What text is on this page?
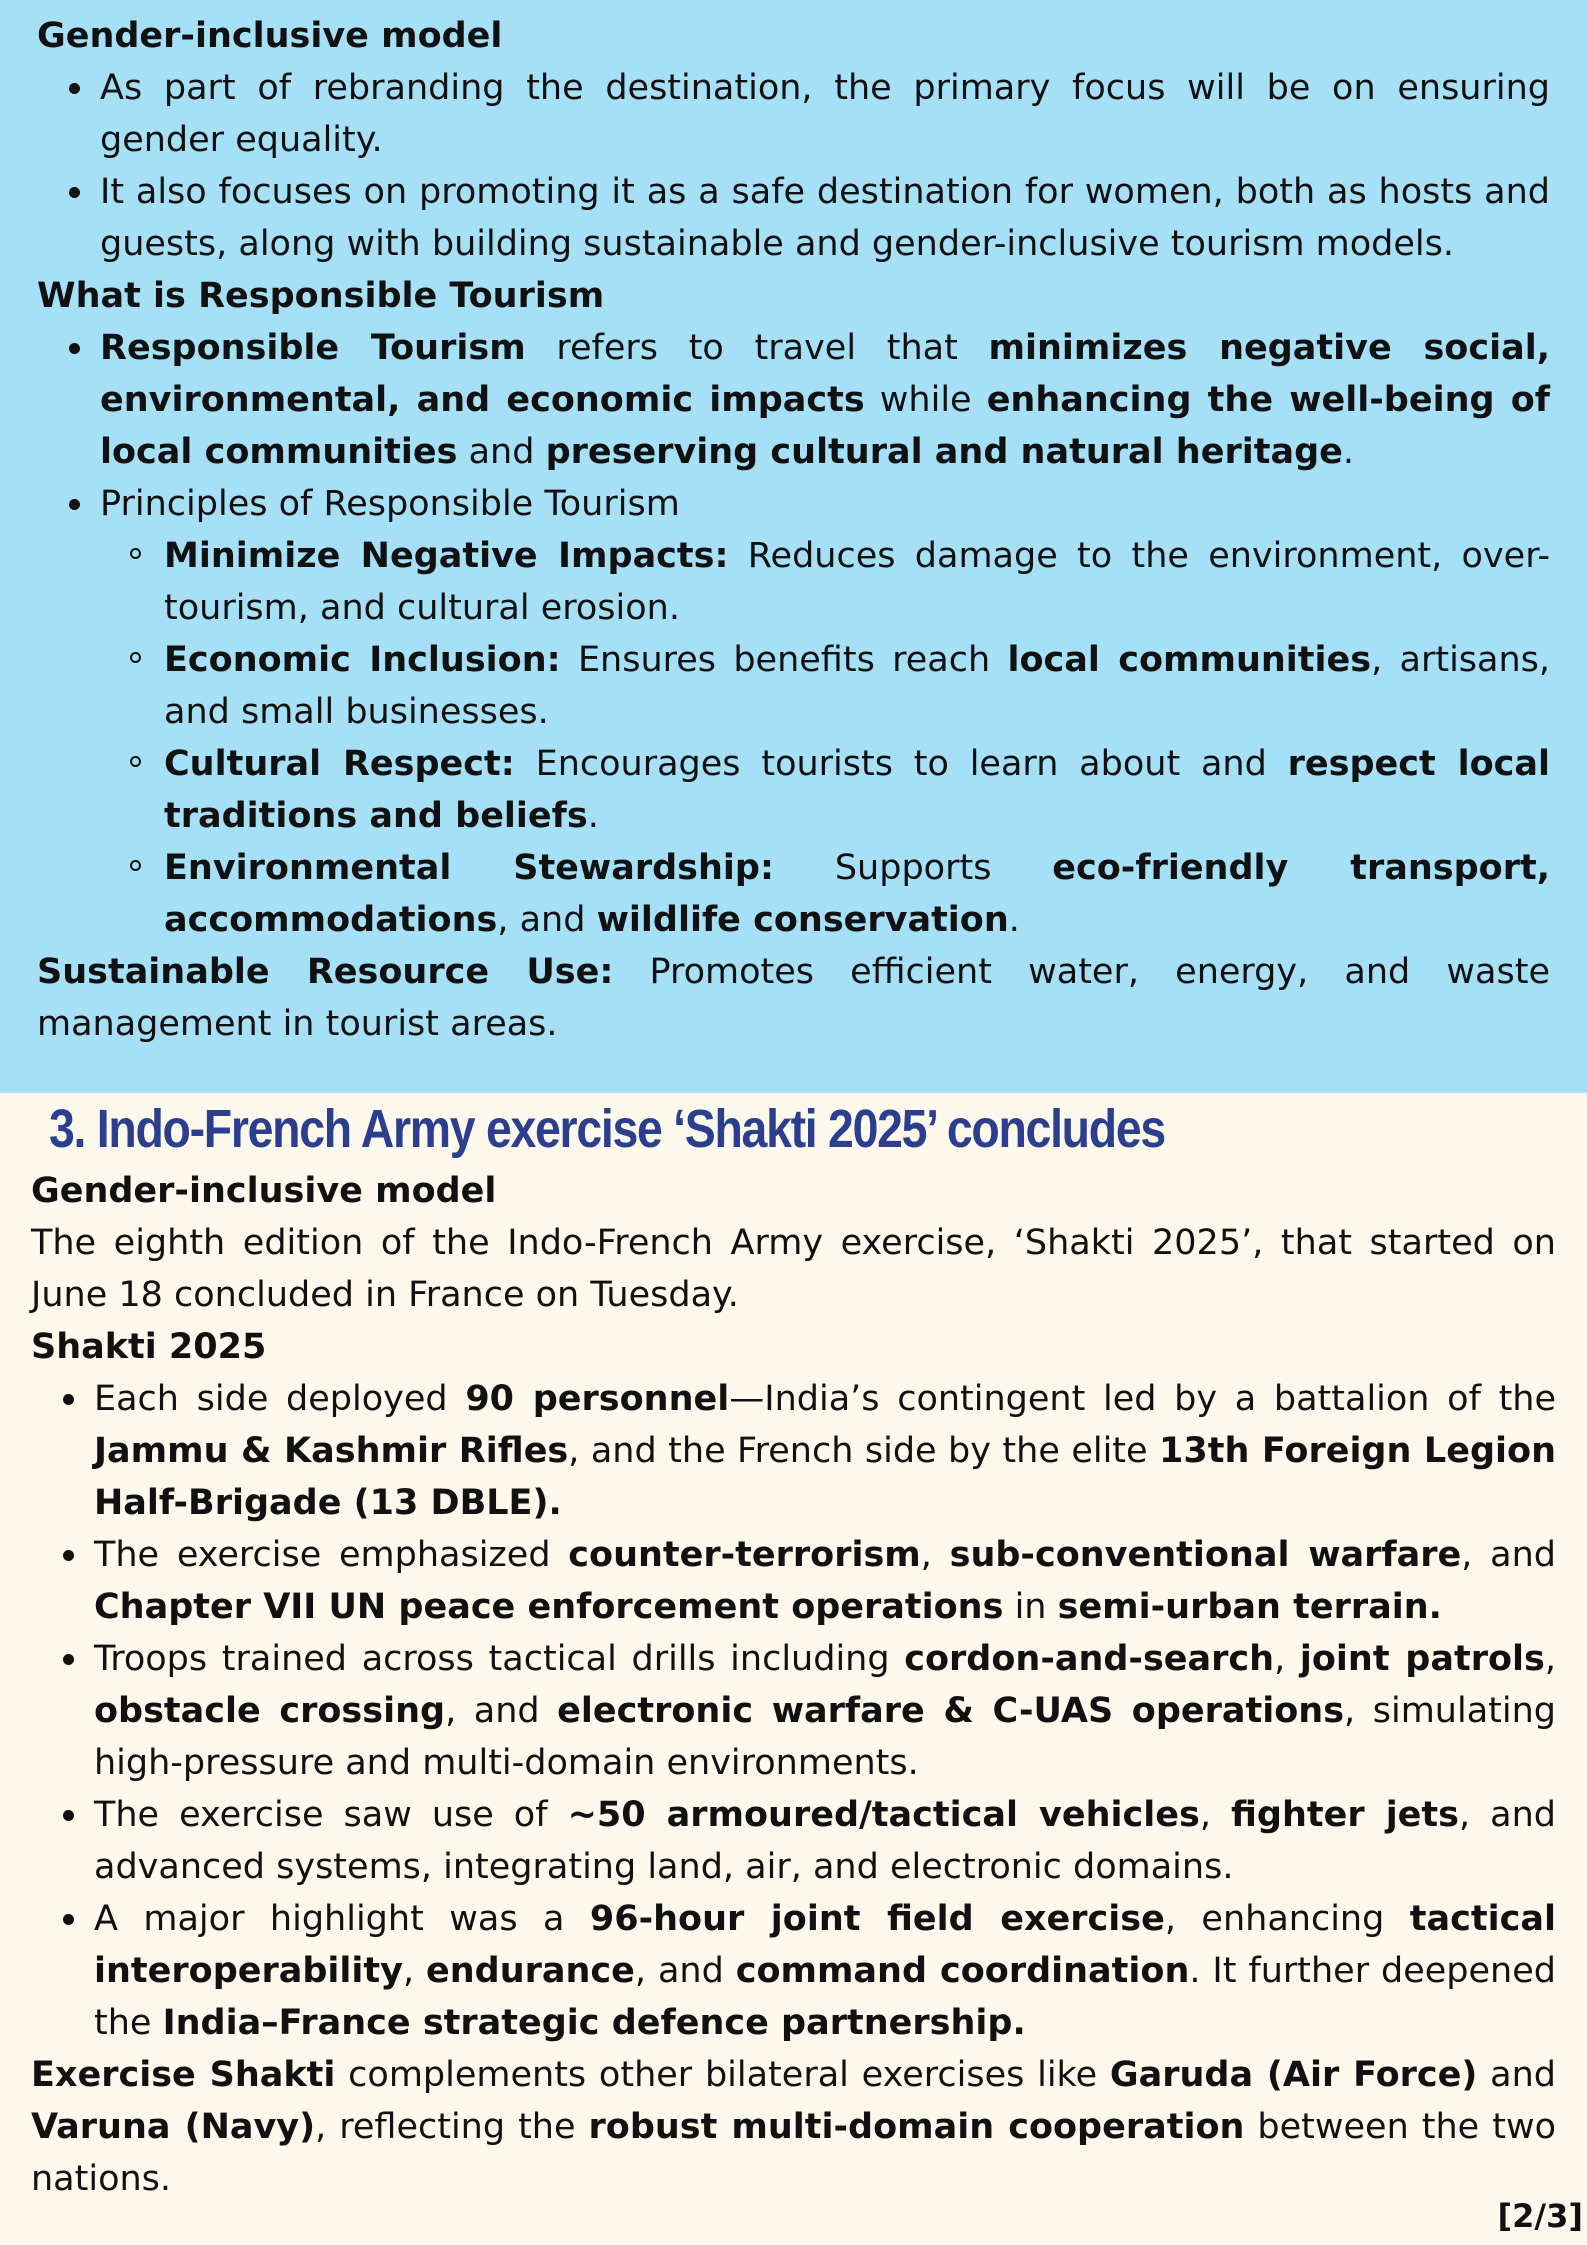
Gender-inclusive model

As part of rebranding the destination, the primary focus will be on ensuring gender equality.
It also focuses on promoting it as a safe destination for women, both as hosts and guests, along with building sustainable and gender-inclusive tourism models.

What is Responsible Tourism

Responsible Tourism refers to travel that minimizes negative social, environmental, and economic impacts while enhancing the well-being of local communities and preserving cultural and natural heritage.
Principles of Responsible Tourism
Minimize Negative Impacts: Reduces damage to the environment, over-tourism, and cultural erosion.
Economic Inclusion: Ensures benefits reach local communities, artisans, and small businesses.
Cultural Respect: Encourages tourists to learn about and respect local traditions and beliefs.
Environmental Stewardship: Supports eco-friendly transport, accommodations, and wildlife conservation.

Sustainable Resource Use: Promotes efficient water, energy, and waste management in tourist areas.

3. Indo-French Army exercise ‘Shakti 2025’ concludes

Gender-inclusive model

The eighth edition of the Indo-French Army exercise, ‘Shakti 2025’, that started on June 18 concluded in France on Tuesday.

Shakti 2025

Each side deployed 90 personnel—India’s contingent led by a battalion of the Jammu & Kashmir Rifles, and the French side by the elite 13th Foreign Legion Half-Brigade (13 DBLE).
The exercise emphasized counter-terrorism, sub-conventional warfare, and Chapter VII UN peace enforcement operations in semi-urban terrain.
Troops trained across tactical drills including cordon-and-search, joint patrols, obstacle crossing, and electronic warfare & C-UAS operations, simulating high-pressure and multi-domain environments.
The exercise saw use of ~50 armoured/tactical vehicles, fighter jets, and advanced systems, integrating land, air, and electronic domains.
A major highlight was a 96-hour joint field exercise, enhancing tactical interoperability, endurance, and command coordination. It further deepened the India–France strategic defence partnership.

Exercise Shakti complements other bilateral exercises like Garuda (Air Force) and Varuna (Navy), reflecting the robust multi-domain cooperation between the two nations.

[2/3]
